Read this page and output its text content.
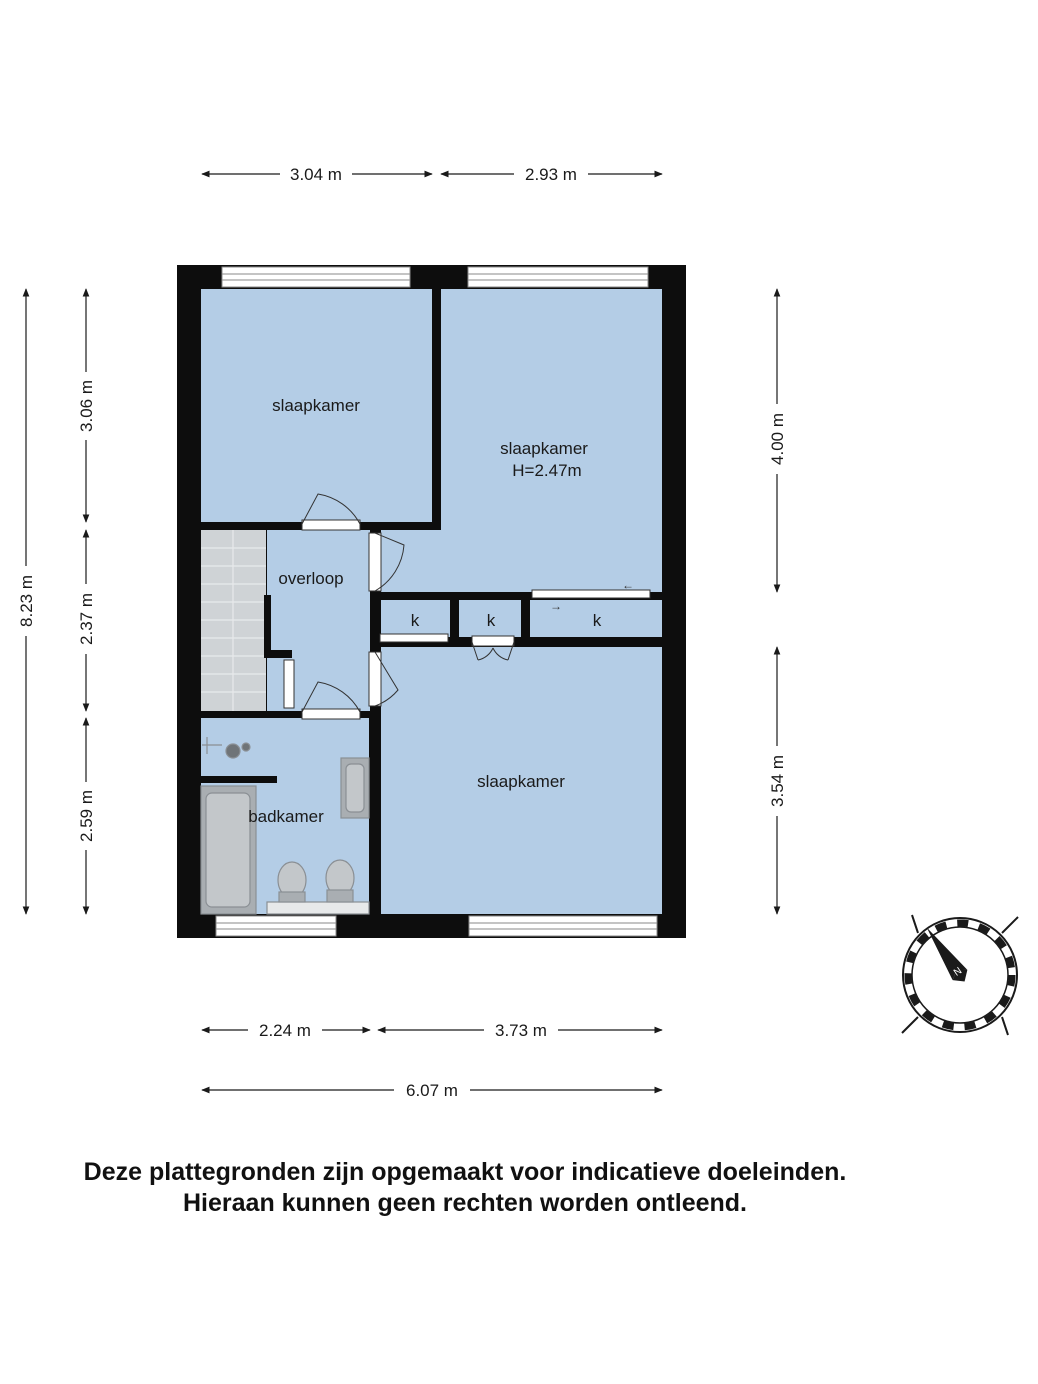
←
→
slaapkamer
slaapkamer
H=2.47m
overloop
k	k	k
slaapkamer
badkamer
3.04 m	2.93 m
8.23 m
3.06 m
2.37 m
2.59 m
4.00 m
3.54 m
2.24 m	3.73 m
6.07 m
N
Deze plattegronden zijn opgemaakt voor indicatieve doeleinden.
Hieraan kunnen geen rechten worden ontleend.
